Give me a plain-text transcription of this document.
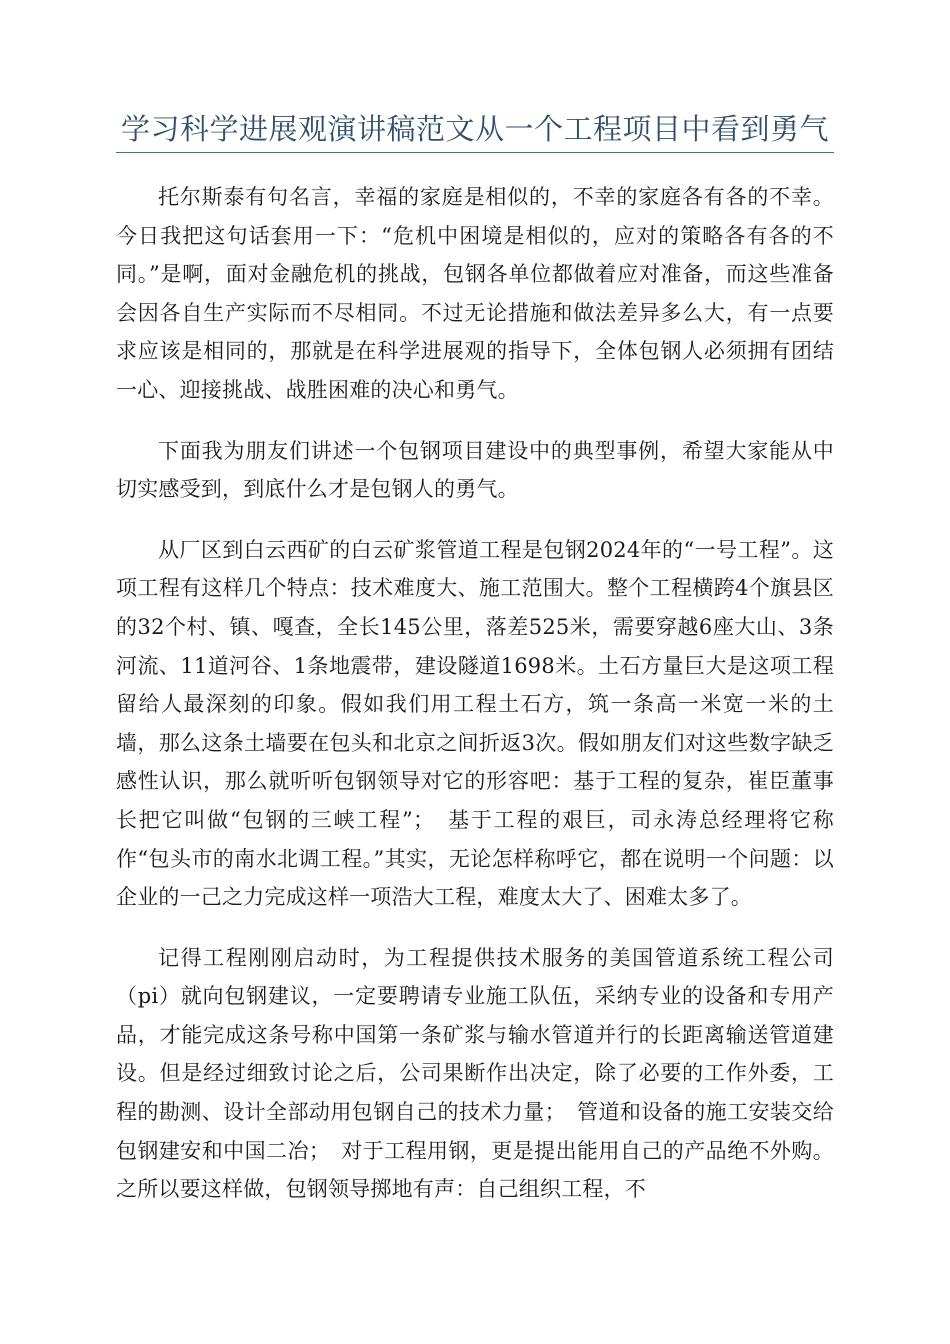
学习科学进展观演讲稿范文从一个工程项目中看到勇气

托尔斯泰有句名言，幸福的家庭是相似的，不幸的家庭各有各的不幸。今日我把这句话套用一下：“危机中困境是相似的，应对的策略各有各的不同。”是啊，面对金融危机的挑战，包钢各单位都做着应对准备，而这些准备会因各自生产实际而不尽相同。不过无论措施和做法差异多么大，有一点要求应该是相同的，那就是在科学进展观的指导下，全体包钢人必须拥有团结一心、迎接挑战、战胜困难的决心和勇气。

下面我为朋友们讲述一个包钢项目建设中的典型事例，希望大家能从中切实感受到，到底什么才是包钢人的勇气。

从厂区到白云西矿的白云矿浆管道工程是包钢2024年的“一号工程”。这项工程有这样几个特点：技术难度大、施工范围大。整个工程横跨4个旗县区的32个村、镇、嘎查，全长145公里，落差525米，需要穿越6座大山、3条河流、11道河谷、1条地震带，建设隧道1698米。土石方量巨大是这项工程留给人最深刻的印象。假如我们用工程土石方，筑一条高一米宽一米的土墙，那么这条土墙要在包头和北京之间折返3次。假如朋友们对这些数字缺乏感性认识，那么就听听包钢领导对它的形容吧：基于工程的复杂，崔臣董事长把它叫做“包钢的三峡工程”；　基于工程的艰巨，司永涛总经理将它称作“包头市的南水北调工程。”其实，无论怎样称呼它，都在说明一个问题：以企业的一己之力完成这样一项浩大工程，难度太大了、困难太多了。

记得工程刚刚启动时，为工程提供技术服务的美国管道系统工程公司（pi）就向包钢建议，一定要聘请专业施工队伍，采纳专业的设备和专用产品，才能完成这条号称中国第一条矿浆与输水管道并行的长距离输送管道建设。但是经过细致讨论之后，公司果断作出决定，除了必要的工作外委，工程的勘测、设计全部动用包钢自己的技术力量；　管道和设备的施工安装交给包钢建安和中国二冶；　对于工程用钢，更是提出能用自己的产品绝不外购。之所以要这样做，包钢领导掷地有声：自己组织工程，不
